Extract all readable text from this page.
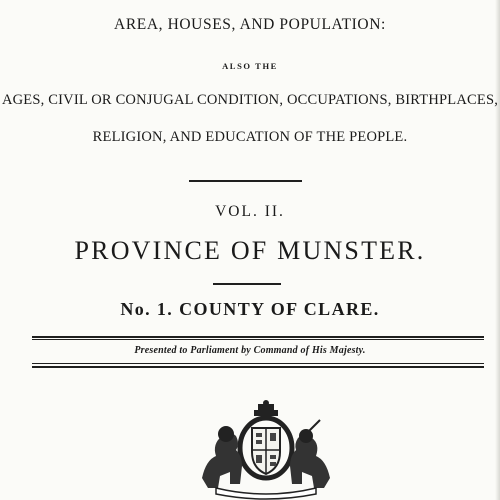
AREA, HOUSES, AND POPULATION:
ALSO THE
AGES, CIVIL OR CONJUGAL CONDITION, OCCUPATIONS, BIRTHPLACES,
RELIGION, AND EDUCATION OF THE PEOPLE.
VOL. II.
PROVINCE OF MUNSTER.
No. 1. COUNTY OF CLARE.
Presented to Parliament by Command of His Majesty.
